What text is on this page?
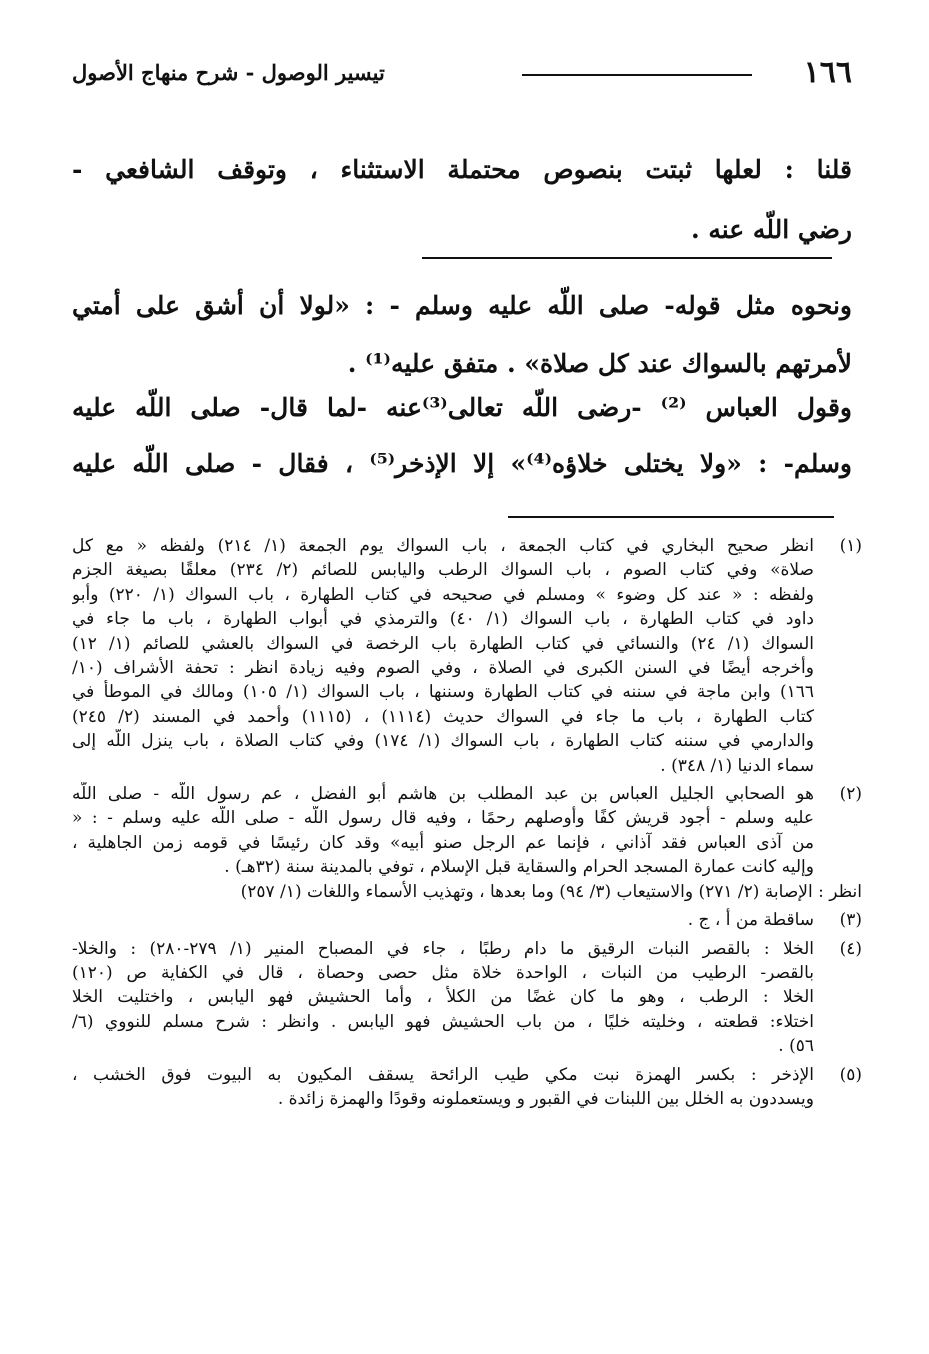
١٦٦
تيسير الوصول - شرح منهاج الأصول
قلنا : لعلها ثبتت بنصوص محتملة الاستثناء ، وتوقف الشافعي -
رضي اللّه عنه .
ونحوه مثل قوله- صلى اللّه عليه وسلم - : «لولا أن أشق على أمتي
لأمرتهم بالسواك عند كل صلاة» . متفق عليه⁽¹⁾ .
وقول العباس ⁽²⁾ -رضى اللّه تعالى⁽³⁾عنه -لما قال- صلى اللّه عليه
وسلم- : «ولا يختلى خلاؤه⁽⁴⁾» إلا الإذخر⁽⁵⁾ ، فقال - صلى اللّه عليه
(١)
انظر صحيح البخاري في كتاب الجمعة ، باب السواك يوم الجمعة (١/ ٢١٤) ولفظه « مع كل
صلاة» وفي كتاب الصوم ، باب السواك الرطب واليابس للصائم (٢/ ٢٣٤) معلقًا بصيغة الجزم
ولفظه : « عند كل وضوء » ومسلم في صحيحه في كتاب الطهارة ، باب السواك (١/ ٢٢٠) وأبو
داود في كتاب الطهارة ، باب السواك (١/ ٤٠) والترمذي في أبواب الطهارة ، باب ما جاء في
السواك (١/ ٢٤) والنسائي في كتاب الطهارة باب الرخصة في السواك بالعشي للصائم (١/ ١٢)
وأخرجه أيضًا في السنن الكبرى في الصلاة ، وفي الصوم وفيه زيادة انظر : تحفة الأشراف (١٠/
١٦٦) وابن ماجة في سننه في كتاب الطهارة وسننها ، باب السواك (١/ ١٠٥) ومالك في الموطأ في
كتاب الطهارة ، باب ما جاء في السواك حديث (١١١٤) ، (١١١٥) وأحمد في المسند (٢/ ٢٤٥)
والدارمي في سننه كتاب الطهارة ، باب السواك (١/ ١٧٤) وفي كتاب الصلاة ، باب ينزل اللّه إلى
سماء الدنيا (١/ ٣٤٨) .
(٢)
هو الصحابي الجليل العباس بن عبد المطلب بن هاشم أبو الفضل ، عم رسول اللّه - صلى اللّه
عليه وسلم - أجود قريش كفًا وأوصلهم رحمًا ، وفيه قال رسول اللّه - صلى اللّه عليه وسلم - : «
من آذى العباس فقد آذاني ، فإنما عم الرجل صنو أبيه» وقد كان رئيسًا في قومه زمن الجاهلية ،
وإليه كانت عمارة المسجد الحرام والسقاية قبل الإسلام ، توفي بالمدينة سنة (٣٢هـ) .
انظر : الإصابة (٢/ ٢٧١) والاستيعاب (٣/ ٩٤) وما بعدها ، وتهذيب الأسماء واللغات (١/ ٢٥٧)
(٣)
ساقطة من أ ، ج .
(٤)
الخلا : بالقصر النبات الرقيق ما دام رطبًا ، جاء في المصباح المنير (١/ ٢٧٩-٢٨٠) : والخلا-
بالقصر- الرطيب من النبات ، الواحدة خلاة مثل حصى وحصاة ، قال في الكفاية ص (١٢٠)
الخلا : الرطب ، وهو ما كان غضًا من الكلأ ، وأما الحشيش فهو اليابس ، واختليت الخلا
اختلاء: قطعته ، وخليته خليًا ، من باب الحشيش فهو اليابس . وانظر : شرح مسلم للنووي (٦/
٥٦) .
(٥)
الإذخر : بكسر الهمزة نبت مكي طيب الرائحة يسقف المكيون به البيوت فوق الخشب ،
ويسددون به الخلل بين اللبنات في القبور و ويستعملونه وقودًا والهمزة زائدة .
